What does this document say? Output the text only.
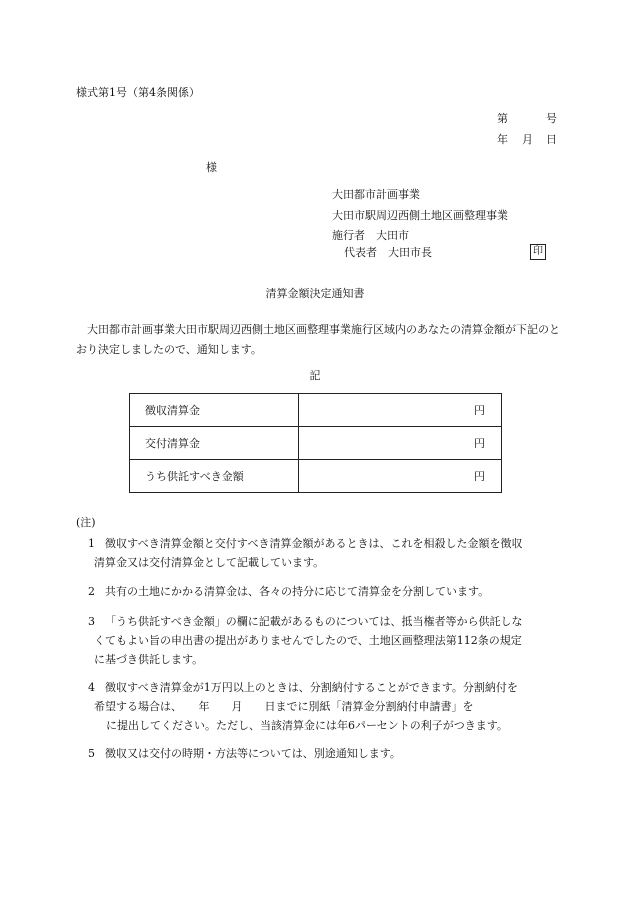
様式第1号（第4条関係）
第	号
年 月 日
様
大田都市計画事業
大田市駅周辺西側土地区画整理事業
施行者　大田市
代表者　大田市長	印
清算金額決定通知書
大田都市計画事業大田市駅周辺西側土地区画整理事業施行区域内のあなたの清算金額が下記のとおり決定しましたので、通知します。
記
徴収清算金	円
交付清算金	円
うち供託すべき金額	円
(注)
1 徴収すべき清算金額と交付すべき清算金額があるときは、これを相殺した金額を徴収
清算金又は交付清算金として記載しています。
2 共有の土地にかかる清算金は、各々の持分に応じて清算金を分割しています。
3 「うち供託すべき金額」の欄に記載があるものについては、抵当権者等から供託しな
くてもよい旨の申出書の提出がありませんでしたので、土地区画整理法第112条の規定
に基づき供託します。
4 徴収すべき清算金が1万円以上のときは、分割納付することができます。分割納付を
希望する場合は、　　年　　月　　日までに別紙「清算金分割納付申請書」を
に提出してください。ただし、当該清算金には年6パーセントの利子がつきます。
5 徴収又は交付の時期・方法等については、別途通知します。
